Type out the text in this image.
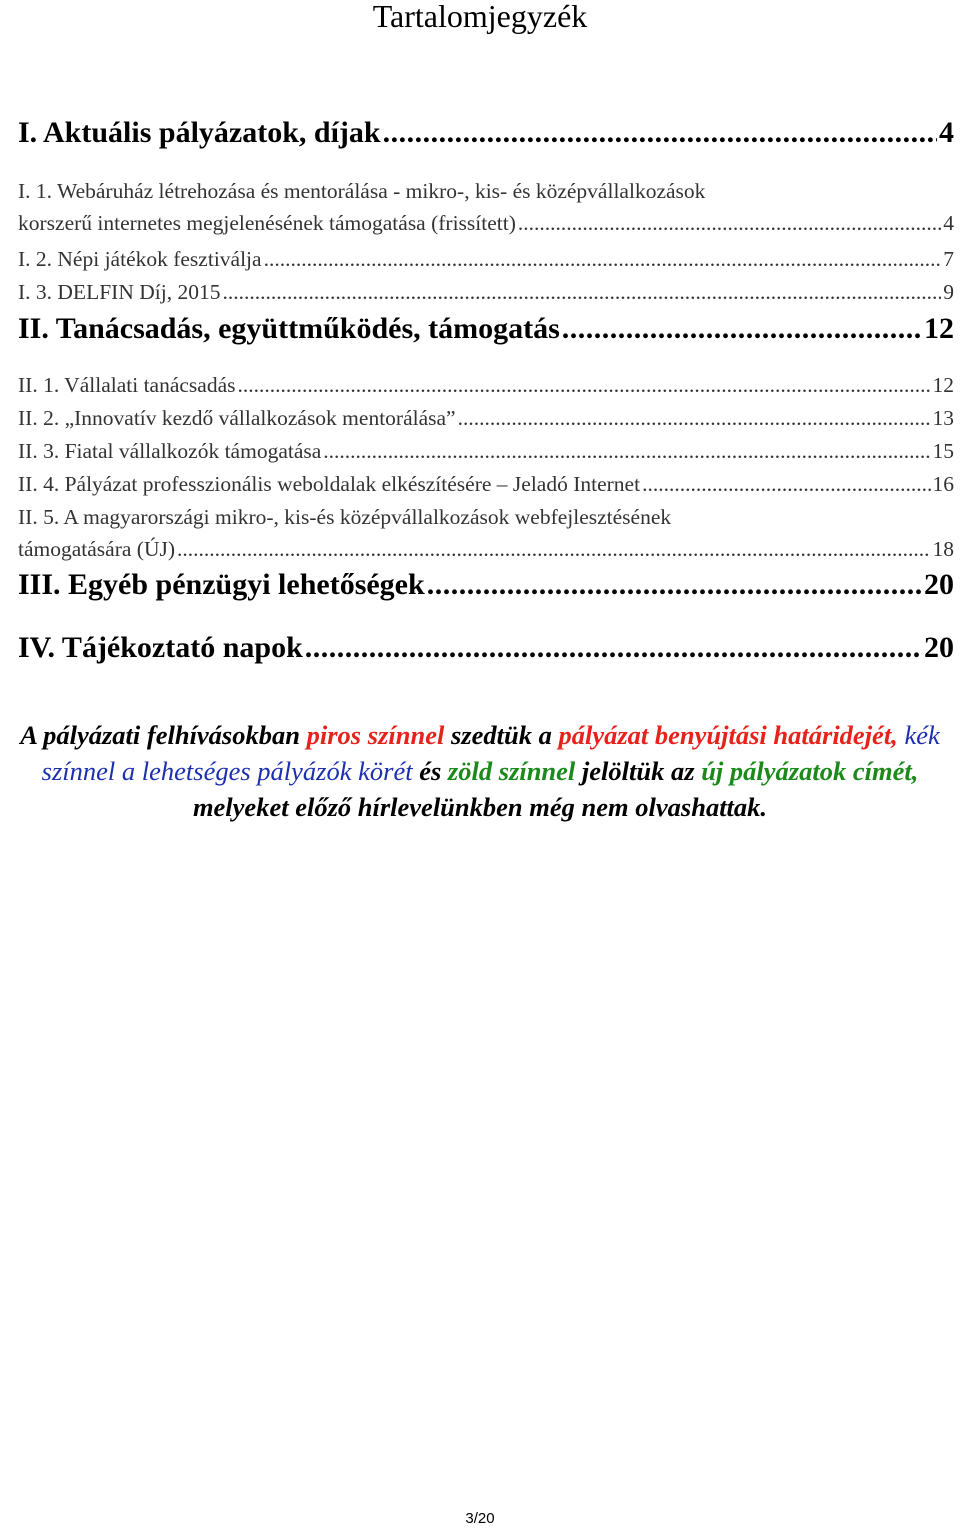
Tartalomjegyzék
I. Aktuális pályázatok, díjak .....	4
I. 1. Webáruház létrehozása és mentorálása - mikro-, kis- és középvállalkozások
korszerű internetes megjelenésének támogatása (frissített) .....	4
I. 2. Népi játékok fesztiválja .....	7
I. 3. DELFIN Díj, 2015 .....	9
II. Tanácsadás, együttműködés, támogatás .....	12
II. 1. Vállalati tanácsadás .....	12
II. 2. „Innovatív kezdő vállalkozások mentorálása” .....	13
II. 3. Fiatal vállalkozók támogatása .....	15
II. 4. Pályázat professzionális weboldalak elkészítésére – Jeladó Internet .....	16
II. 5. A magyarországi mikro-, kis-és középvállalkozások webfejlesztésének
támogatására (ÚJ) .....	18
III. Egyéb pénzügyi lehetőségek .....	20
IV. Tájékoztató napok .....	20
A pályázati felhívásokban piros színnel szedtük a pályázat benyújtási határidejét, kék színnel a lehetséges pályázók körét és zöld színnel jelöltük az új pályázatok címét, melyeket előző hírlevelünkben még nem olvashattak.
3/20
